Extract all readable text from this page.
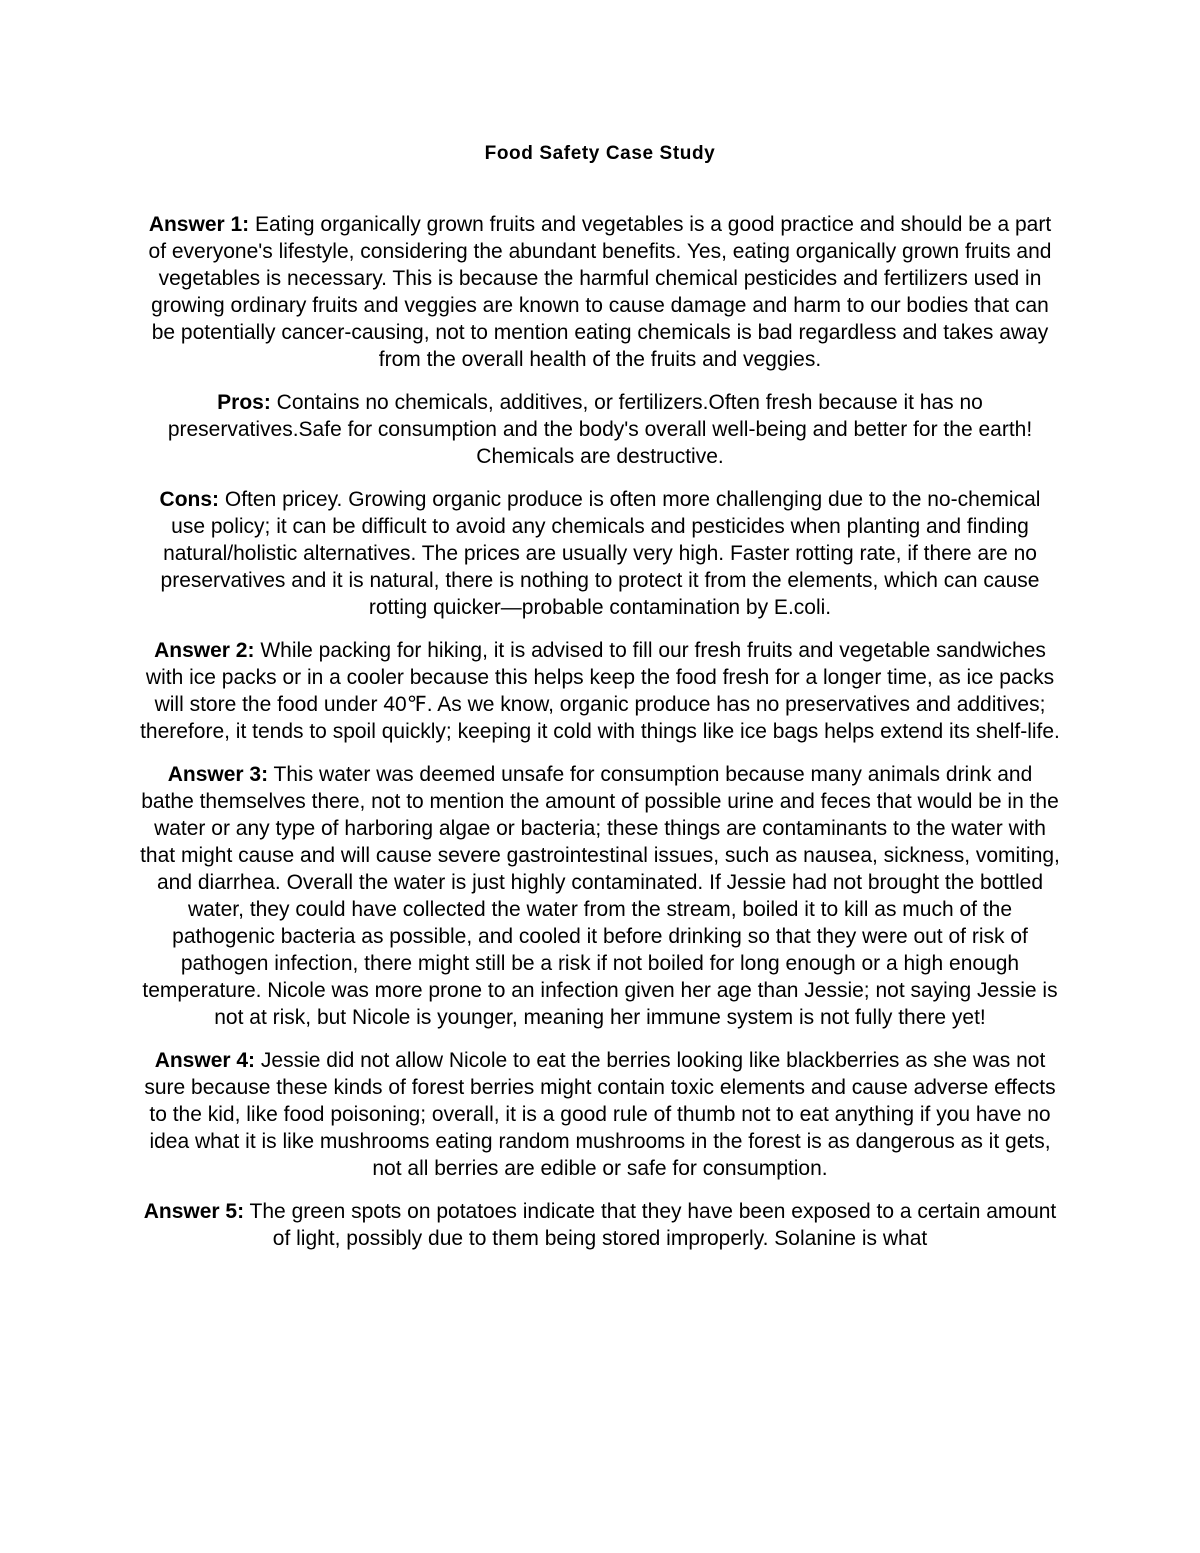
Food Safety Case Study

Answer 1: Eating organically grown fruits and vegetables is a good practice and should be a part of everyone's lifestyle, considering the abundant benefits. Yes, eating organically grown fruits and vegetables is necessary. This is because the harmful chemical pesticides and fertilizers used in growing ordinary fruits and veggies are known to cause damage and harm to our bodies that can be potentially cancer-causing, not to mention eating chemicals is bad regardless and takes away from the overall health of the fruits and veggies.

Pros: Contains no chemicals, additives, or fertilizers.Often fresh because it has no preservatives.Safe for consumption and the body's overall well-being and better for the earth! Chemicals are destructive.

Cons: Often pricey. Growing organic produce is often more challenging due to the no-chemical use policy; it can be difficult to avoid any chemicals and pesticides when planting and finding natural/holistic alternatives. The prices are usually very high. Faster rotting rate, if there are no preservatives and it is natural, there is nothing to protect it from the elements, which can cause rotting quicker—probable contamination by E.coli.

Answer 2: While packing for hiking, it is advised to fill our fresh fruits and vegetable sandwiches with ice packs or in a cooler because this helps keep the food fresh for a longer time, as ice packs will store the food under 40℉. As we know, organic produce has no preservatives and additives; therefore, it tends to spoil quickly; keeping it cold with things like ice bags helps extend its shelf-life.

Answer 3: This water was deemed unsafe for consumption because many animals drink and bathe themselves there, not to mention the amount of possible urine and feces that would be in the water or any type of harboring algae or bacteria; these things are contaminants to the water with that might cause and will cause severe gastrointestinal issues, such as nausea, sickness, vomiting, and diarrhea. Overall the water is just highly contaminated. If Jessie had not brought the bottled water, they could have collected the water from the stream, boiled it to kill as much of the pathogenic bacteria as possible, and cooled it before drinking so that they were out of risk of pathogen infection, there might still be a risk if not boiled for long enough or a high enough temperature. Nicole was more prone to an infection given her age than Jessie; not saying Jessie is not at risk, but Nicole is younger, meaning her immune system is not fully there yet!

Answer 4: Jessie did not allow Nicole to eat the berries looking like blackberries as she was not sure because these kinds of forest berries might contain toxic elements and cause adverse effects to the kid, like food poisoning; overall, it is a good rule of thumb not to eat anything if you have no idea what it is like mushrooms eating random mushrooms in the forest is as dangerous as it gets, not all berries are edible or safe for consumption.

Answer 5: The green spots on potatoes indicate that they have been exposed to a certain amount of light, possibly due to them being stored improperly. Solanine is what
